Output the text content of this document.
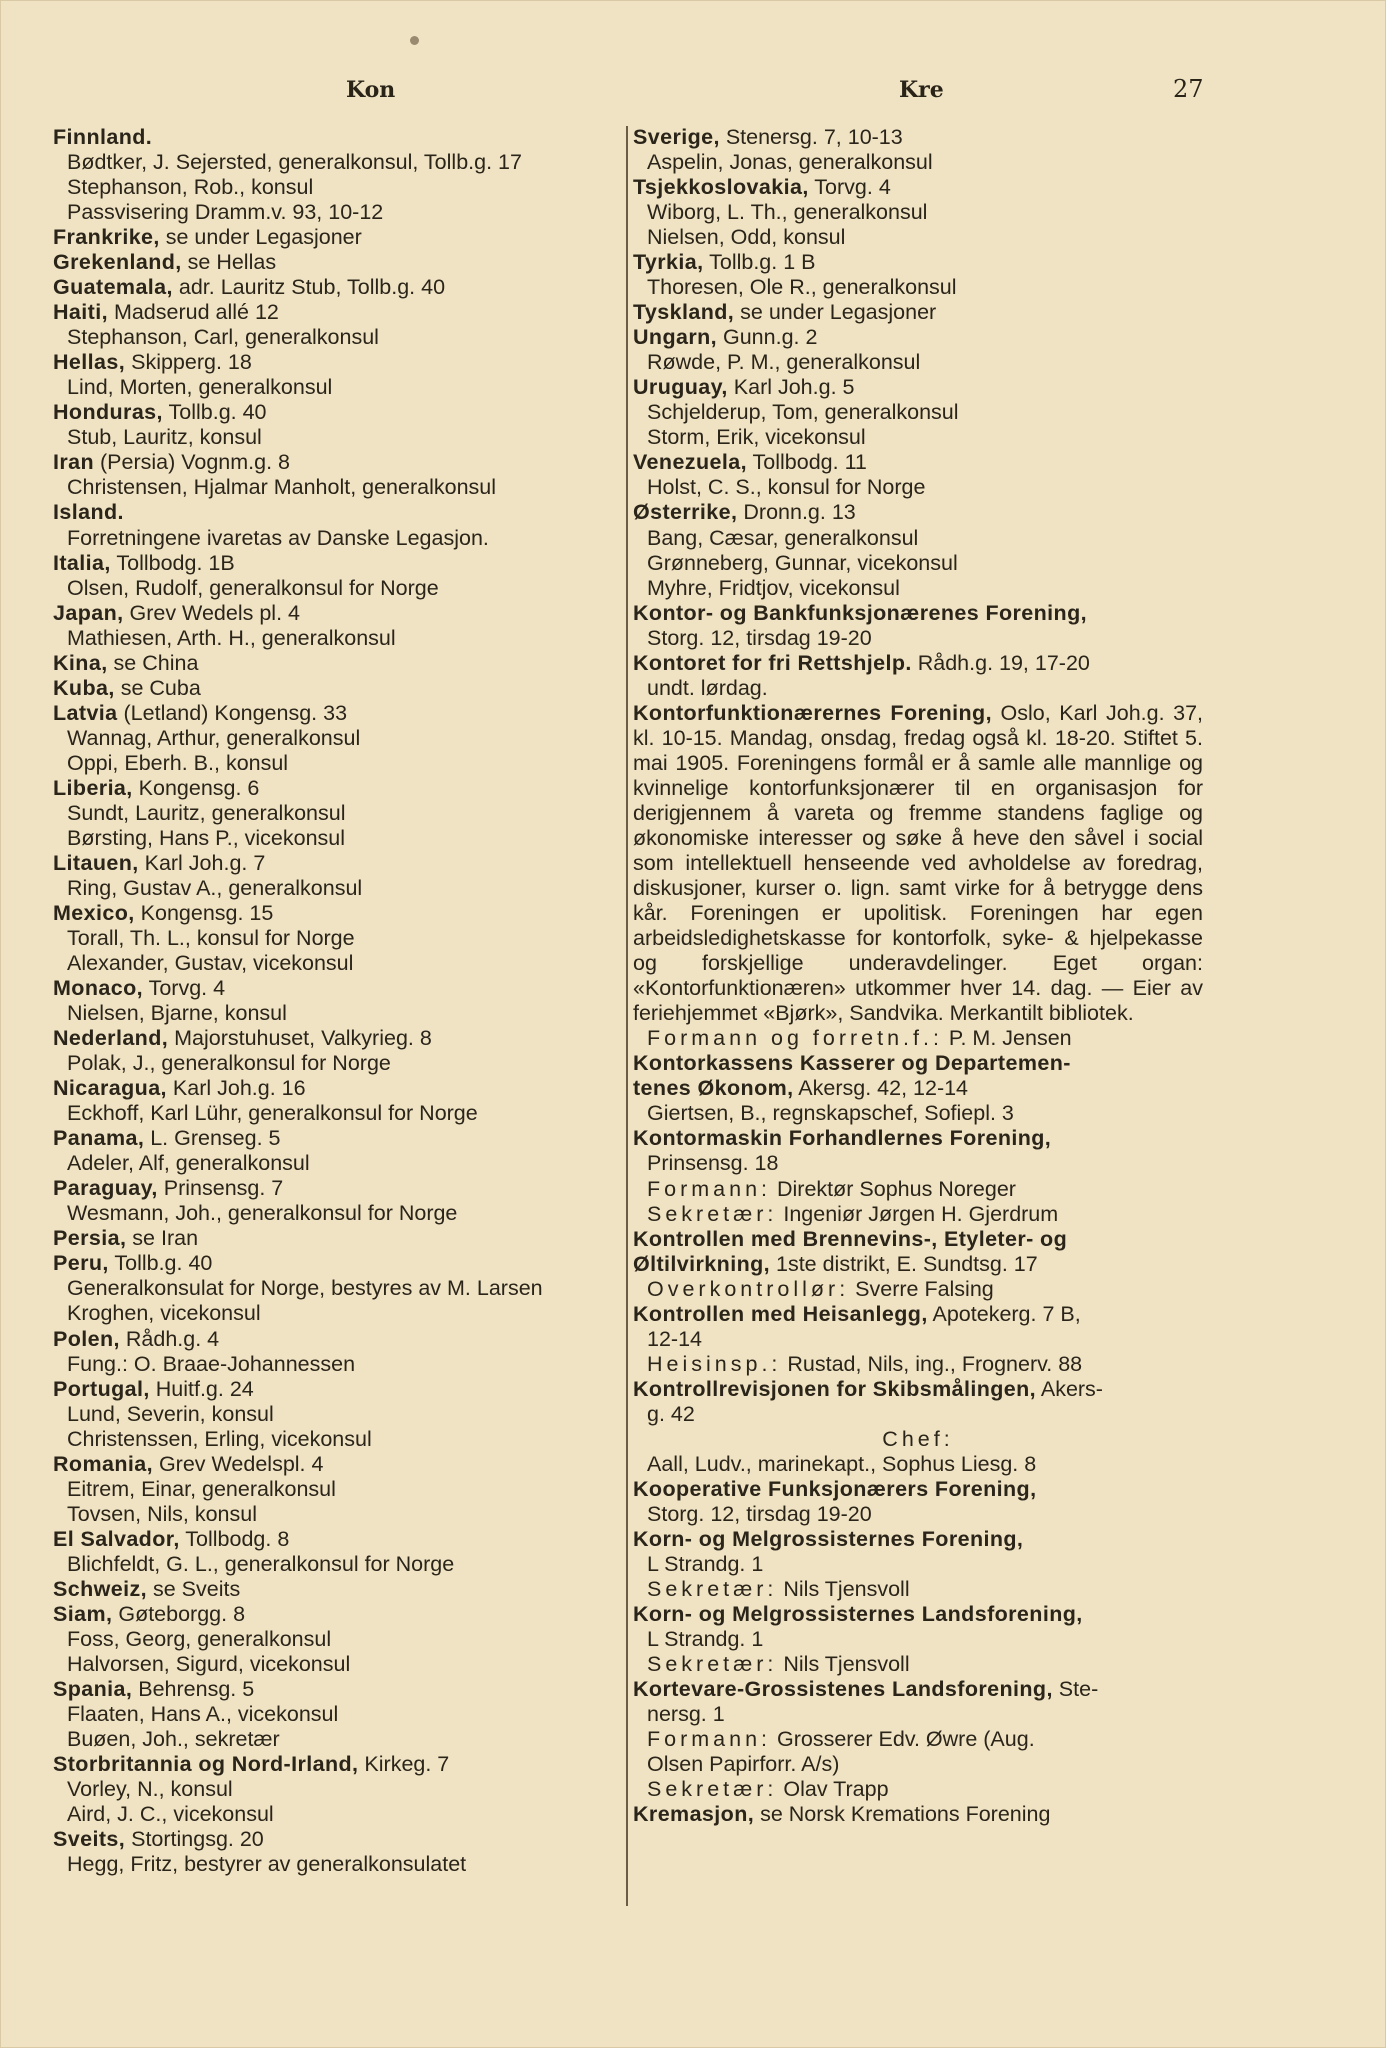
Kon	Kre	27
Finnland.
Bødtker, J. Sejersted, generalkonsul, Tollb.g. 17
Stephanson, Rob., konsul
Passvisering Dramm.v. 93, 10-12
Frankrike, se under Legasjoner
Grekenland, se Hellas
Guatemala, adr. Lauritz Stub, Tollb.g. 40
Haiti, Madserud allé 12
Stephanson, Carl, generalkonsul
Hellas, Skipperg. 18
Lind, Morten, generalkonsul
Honduras, Tollb.g. 40
Stub, Lauritz, konsul
Iran (Persia) Vognm.g. 8
Christensen, Hjalmar Manholt, generalkonsul
Island.
Forretningene ivaretas av Danske Legasjon.
Italia, Tollbodg. 1B
Olsen, Rudolf, generalkonsul for Norge
Japan, Grev Wedels pl. 4
Mathiesen, Arth. H., generalkonsul
Kina, se China
Kuba, se Cuba
Latvia (Letland) Kongensg. 33
Wannag, Arthur, generalkonsul
Oppi, Eberh. B., konsul
Liberia, Kongensg. 6
Sundt, Lauritz, generalkonsul
Børsting, Hans P., vicekonsul
Litauen, Karl Joh.g. 7
Ring, Gustav A., generalkonsul
Mexico, Kongensg. 15
Torall, Th. L., konsul for Norge
Alexander, Gustav, vicekonsul
Monaco, Torvg. 4
Nielsen, Bjarne, konsul
Nederland, Majorstuhuset, Valkyrieg. 8
Polak, J., generalkonsul for Norge
Nicaragua, Karl Joh.g. 16
Eckhoff, Karl Lühr, generalkonsul for Norge
Panama, L. Grenseg. 5
Adeler, Alf, generalkonsul
Paraguay, Prinsensg. 7
Wesmann, Joh., generalkonsul for Norge
Persia, se Iran
Peru, Tollb.g. 40
Generalkonsulat for Norge, bestyres av M. Larsen
Kroghen, vicekonsul
Polen, Rådh.g. 4
Fung.: O. Braae-Johannessen
Portugal, Huitf.g. 24
Lund, Severin, konsul
Christenssen, Erling, vicekonsul
Romania, Grev Wedelspl. 4
Eitrem, Einar, generalkonsul
Tovsen, Nils, konsul
El Salvador, Tollbodg. 8
Blichfeldt, G. L., generalkonsul for Norge
Schweiz, se Sveits
Siam, Gøteborgg. 8
Foss, Georg, generalkonsul
Halvorsen, Sigurd, vicekonsul
Spania, Behrensg. 5
Flaaten, Hans A., vicekonsul
Buøen, Joh., sekretær
Storbritannia og Nord-Irland, Kirkeg. 7
Vorley, N., konsul
Aird, J. C., vicekonsul
Sveits, Stortingsg. 20
Hegg, Fritz, bestyrer av generalkonsulatet
Sverige, Stenersg. 7, 10-13
Aspelin, Jonas, generalkonsul
Tsjekkoslovakia, Torvg. 4
Wiborg, L. Th., generalkonsul
Nielsen, Odd, konsul
Tyrkia, Tollb.g. 1 B
Thoresen, Ole R., generalkonsul
Tyskland, se under Legasjoner
Ungarn, Gunn.g. 2
Røwde, P. M., generalkonsul
Uruguay, Karl Joh.g. 5
Schjelderup, Tom, generalkonsul
Storm, Erik, vicekonsul
Venezuela, Tollbodg. 11
Holst, C. S., konsul for Norge
Østerrike, Dronn.g. 13
Bang, Cæsar, generalkonsul
Grønneberg, Gunnar, vicekonsul
Myhre, Fridtjov, vicekonsul
Kontor- og Bankfunksjonærenes Forening,
Storg. 12, tirsdag 19-20
Kontoret for fri Rettshjelp. Rådh.g. 19, 17-20
undt. lørdag.
Kontorfunktionærernes Forening, Oslo, Karl Joh.g. 37, kl. 10-15. Mandag, onsdag, fredag også kl. 18-20. Stiftet 5. mai 1905. Foreningens formål er å samle alle mannlige og kvinnelige kontorfunksjonærer til en organisasjon for derigjennem å vareta og fremme standens faglige og økonomiske interesser og søke å heve den såvel i social som intellektuell henseende ved avholdelse av foredrag, diskusjoner, kurser o. lign. samt virke for å betrygge dens kår. Foreningen er upolitisk. Foreningen har egen arbeidsledighetskasse for kontorfolk, syke- & hjelpekasse og forskjellige underavdelinger. Eget organ: «Kontorfunktionæren» utkommer hver 14. dag. — Eier av feriehjemmet «Bjørk», Sandvika. Merkantilt bibliotek.
Formann og forretn.f.: P. M. Jensen
Kontorkassens Kasserer og Departemen-
tenes Økonom, Akersg. 42, 12-14
Giertsen, B., regnskapschef, Sofiepl. 3
Kontormaskin Forhandlernes Forening,
Prinsensg. 18
Formann: Direktør Sophus Noreger
Sekretær: Ingeniør Jørgen H. Gjerdrum
Kontrollen med Brennevins-, Etyleter- og
Øltilvirkning, 1ste distrikt, E. Sundtsg. 17
Overkontrollør: Sverre Falsing
Kontrollen med Heisanlegg, Apotekerg. 7 B,
12-14
Heisinsp.: Rustad, Nils, ing., Frognerv. 88
Kontrollrevisjonen for Skibsmålingen, Akers-
g. 42
Chef:
Aall, Ludv., marinekapt., Sophus Liesg. 8
Kooperative Funksjonærers Forening,
Storg. 12, tirsdag 19-20
Korn- og Melgrossisternes Forening,
L Strandg. 1
Sekretær: Nils Tjensvoll
Korn- og Melgrossisternes Landsforening,
L Strandg. 1
Sekretær: Nils Tjensvoll
Kortevare-Grossistenes Landsforening, Ste-
nersg. 1
Formann: Grosserer Edv. Øwre (Aug.
Olsen Papirforr. A/s)
Sekretær: Olav Trapp
Kremasjon, se Norsk Kremations Forening
